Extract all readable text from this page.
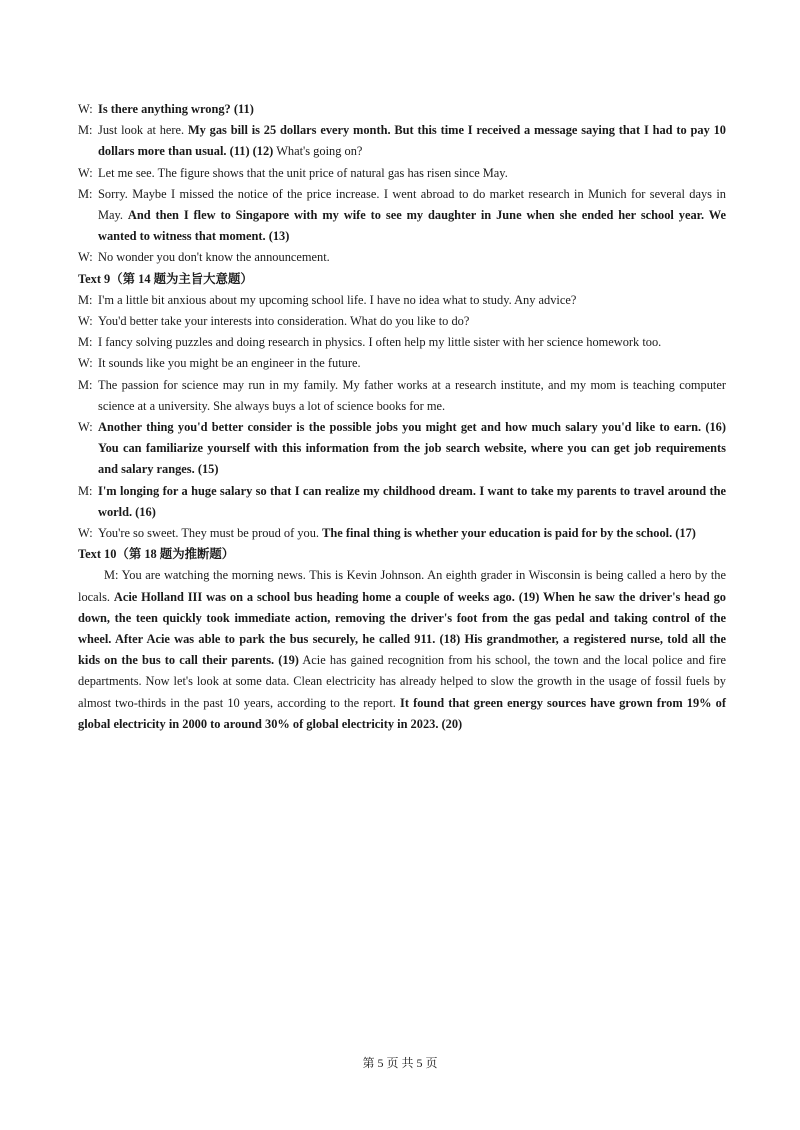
W: Is there anything wrong? (11)
M: Just look at here. My gas bill is 25 dollars every month. But this time I received a message saying that I had to pay 10 dollars more than usual. (11) (12) What's going on?
W: Let me see. The figure shows that the unit price of natural gas has risen since May.
M: Sorry. Maybe I missed the notice of the price increase. I went abroad to do market research in Munich for several days in May. And then I flew to Singapore with my wife to see my daughter in June when she ended her school year. We wanted to witness that moment. (13)
W: No wonder you don't know the announcement.
Text 9（第 14 题为主旨大意题）
M: I'm a little bit anxious about my upcoming school life. I have no idea what to study. Any advice?
W: You'd better take your interests into consideration. What do you like to do?
M: I fancy solving puzzles and doing research in physics. I often help my little sister with her science homework too.
W: It sounds like you might be an engineer in the future.
M: The passion for science may run in my family. My father works at a research institute, and my mom is teaching computer science at a university. She always buys a lot of science books for me.
W: Another thing you'd better consider is the possible jobs you might get and how much salary you'd like to earn. (16) You can familiarize yourself with this information from the job search website, where you can get job requirements and salary ranges. (15)
M: I'm longing for a huge salary so that I can realize my childhood dream. I want to take my parents to travel around the world. (16)
W: You're so sweet. They must be proud of you. The final thing is whether your education is paid for by the school. (17)
Text 10（第 18 题为推断题）
M: You are watching the morning news. This is Kevin Johnson. An eighth grader in Wisconsin is being called a hero by the locals. Acie Holland III was on a school bus heading home a couple of weeks ago. (19) When he saw the driver's head go down, the teen quickly took immediate action, removing the driver's foot from the gas pedal and taking control of the wheel. After Acie was able to park the bus securely, he called 911. (18) His grandmother, a registered nurse, told all the kids on the bus to call their parents. (19) Acie has gained recognition from his school, the town and the local police and fire departments. Now let's look at some data. Clean electricity has already helped to slow the growth in the usage of fossil fuels by almost two-thirds in the past 10 years, according to the report. It found that green energy sources have grown from 19% of global electricity in 2000 to around 30% of global electricity in 2023. (20)
第 5 页 共 5 页
